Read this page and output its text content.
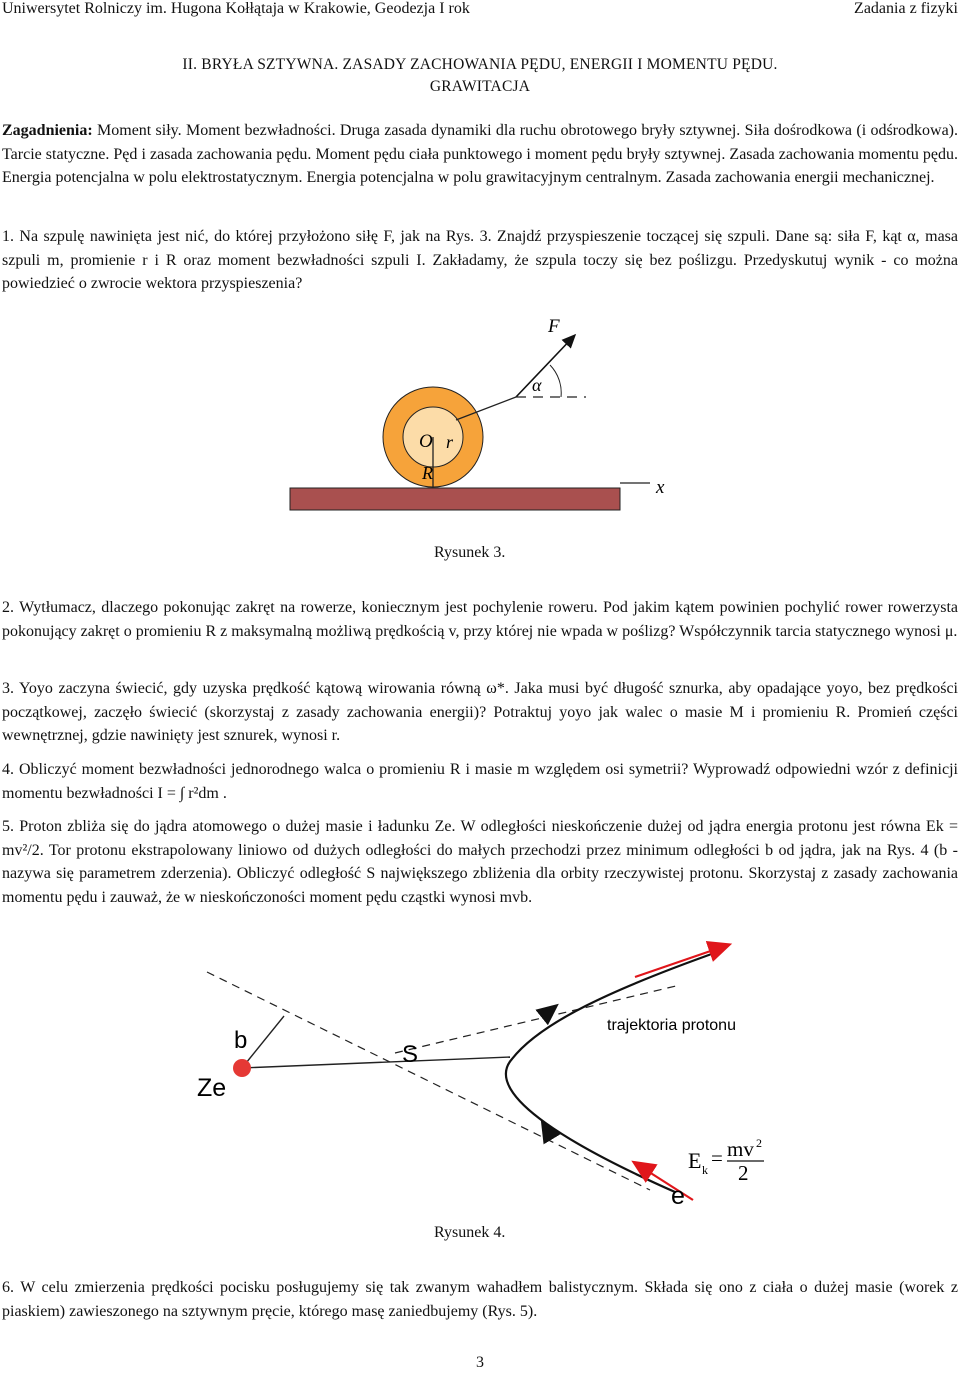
Uniwersytet Rolniczy im. Hugona Kołłątaja w Krakowie, Geodezja I rok	Zadania z fizyki
II. BRYŁA SZTYWNA. ZASADY ZACHOWANIA PĘDU, ENERGII I MOMENTU PĘDU.
GRAWITACJA
Zagadnienia: Moment siły. Moment bezwładności. Druga zasada dynamiki dla ruchu obrotowego bryły sztywnej. Siła dośrodkowa (i odśrodkowa). Tarcie statyczne. Pęd i zasada zachowania pędu. Moment pędu ciała punktowego i moment pędu bryły sztywnej. Zasada zachowania momentu pędu. Energia potencjalna w polu elektrostatycznym. Energia potencjalna w polu grawitacyjnym centralnym. Zasada zachowania energii mechanicznej.
1. Na szpulę nawinięta jest nić, do której przyłożono siłę F, jak na Rys. 3. Znajdź przyspieszenie toczącej się szpuli. Dane są: siła F, kąt α, masa szpuli m, promienie r i R oraz moment bezwładności szpuli I. Zakładamy, że szpula toczy się bez poślizgu. Przedyskutuj wynik - co można powiedzieć o zwrocie wektora przyspieszenia?
F
α
O r
R
x
Rysunek 3.
2. Wytłumacz, dlaczego pokonując zakręt na rowerze, koniecznym jest pochylenie roweru. Pod jakim kątem powinien pochylić rower rowerzysta pokonujący zakręt o promieniu R z maksymalną możliwą prędkością v, przy której nie wpada w poślizg? Współczynnik tarcia statycznego wynosi μ.
3. Yoyo zaczyna świecić, gdy uzyska prędkość kątową wirowania równą ω*. Jaka musi być długość sznurka, aby opadające yoyo, bez prędkości początkowej, zaczęło świecić (skorzystaj z zasady zachowania energii)? Potraktuj yoyo jak walec o masie M i promieniu R. Promień części wewnętrznej, gdzie nawinięty jest sznurek, wynosi r.
4. Obliczyć moment bezwładności jednorodnego walca o promieniu R i masie m względem osi symetrii? Wyprowadź odpowiedni wzór z definicji momentu bezwładności I = ∫ r²dm .
5. Proton zbliża się do jądra atomowego o dużej masie i ładunku Ze. W odległości nieskończenie dużej od jądra energia protonu jest równa Ek = mv²/2. Tor protonu ekstrapolowany liniowo od dużych odległości do małych przechodzi przez minimum odległości b od jądra, jak na Rys. 4 (b - nazywa się parametrem zderzenia). Obliczyć odległość S największego zbliżenia dla orbity rzeczywistej protonu. Skorzystaj z zasady zachowania momentu pędu i zauważ, że w nieskończoności moment pędu cząstki wynosi mvb.
trajektoria protonu
b
S
Ze
e
E k = mv 2
2
Rysunek 4.
6. W celu zmierzenia prędkości pocisku posługujemy się tak zwanym wahadłem balistycznym. Składa się ono z ciała o dużej masie (worek z piaskiem) zawieszonego na sztywnym pręcie, którego masę zaniedbujemy (Rys. 5).
3
